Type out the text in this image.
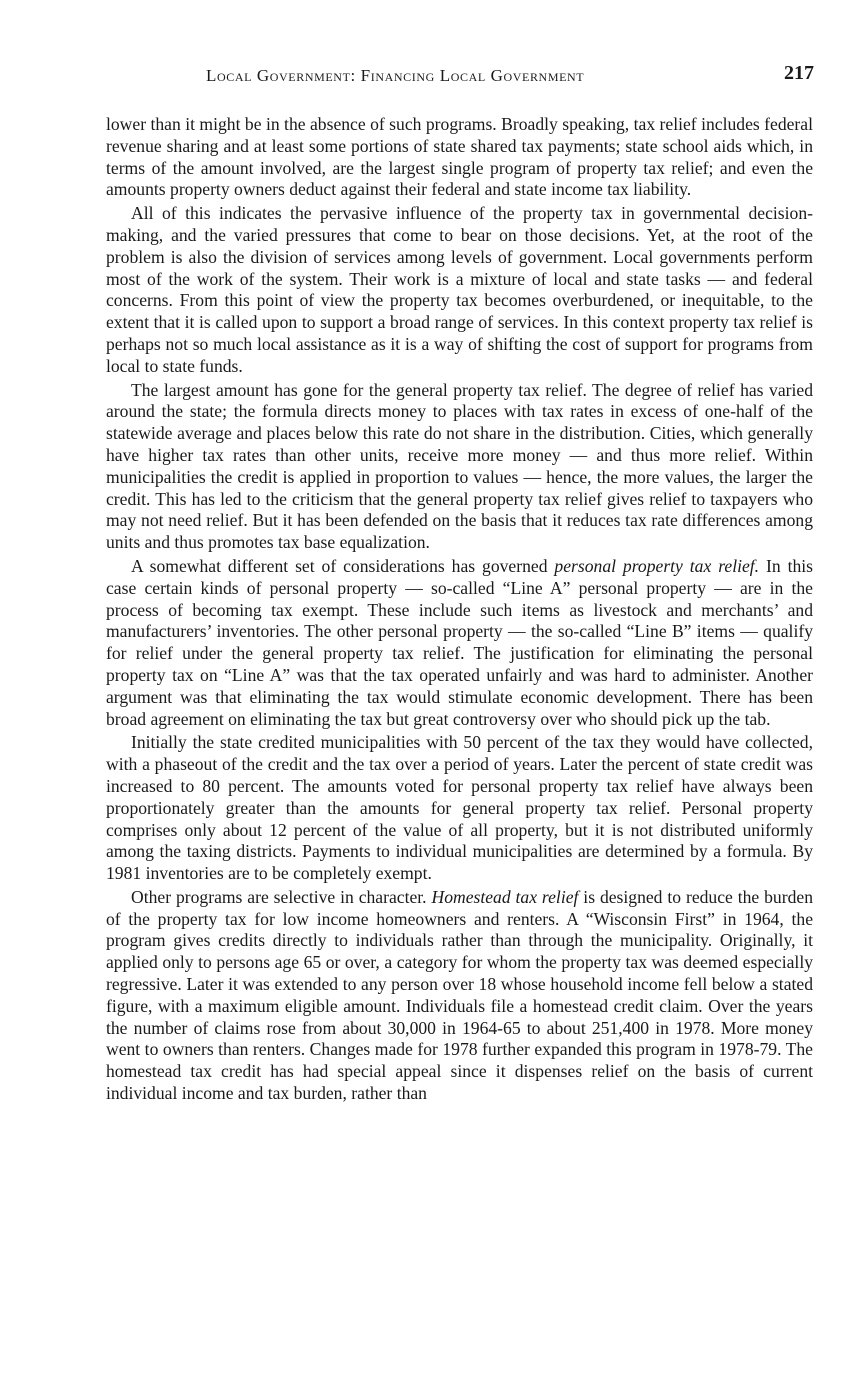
Local Government: Financing Local Government	217

lower than it might be in the absence of such programs. Broadly speaking, tax relief includes federal revenue sharing and at least some portions of state shared tax payments; state school aids which, in terms of the amount involved, are the largest single program of property tax relief; and even the amounts property owners deduct against their federal and state income tax liability.

All of this indicates the pervasive influence of the property tax in governmental decision-making, and the varied pressures that come to bear on those decisions. Yet, at the root of the problem is also the division of services among levels of government. Local governments perform most of the work of the system. Their work is a mixture of local and state tasks — and federal concerns. From this point of view the property tax becomes overburdened, or inequitable, to the extent that it is called upon to support a broad range of services. In this context property tax relief is perhaps not so much local assistance as it is a way of shifting the cost of support for programs from local to state funds.

The largest amount has gone for the general property tax relief. The degree of relief has varied around the state; the formula directs money to places with tax rates in excess of one-half of the statewide average and places below this rate do not share in the distribution. Cities, which generally have higher tax rates than other units, receive more money — and thus more relief. Within municipalities the credit is applied in proportion to values — hence, the more values, the larger the credit. This has led to the criticism that the general property tax relief gives relief to taxpayers who may not need relief. But it has been defended on the basis that it reduces tax rate differences among units and thus promotes tax base equalization.

A somewhat different set of considerations has governed personal property tax relief. In this case certain kinds of personal property — so-called “Line A” personal property — are in the process of becoming tax exempt. These include such items as livestock and merchants’ and manufacturers’ inventories. The other personal property — the so-called “Line B” items — qualify for relief under the general property tax relief. The justification for eliminating the personal property tax on “Line A” was that the tax operated unfairly and was hard to administer. Another argument was that eliminating the tax would stimulate economic development. There has been broad agreement on eliminating the tax but great controversy over who should pick up the tab.

Initially the state credited municipalities with 50 percent of the tax they would have collected, with a phaseout of the credit and the tax over a period of years. Later the percent of state credit was increased to 80 percent. The amounts voted for personal property tax relief have always been proportionately greater than the amounts for general property tax relief. Personal property comprises only about 12 percent of the value of all property, but it is not distributed uniformly among the taxing districts. Payments to individual municipalities are determined by a formula. By 1981 inventories are to be completely exempt.

Other programs are selective in character. Homestead tax relief is designed to reduce the burden of the property tax for low income homeowners and renters. A “Wisconsin First” in 1964, the program gives credits directly to individuals rather than through the municipality. Originally, it applied only to persons age 65 or over, a category for whom the property tax was deemed especially regressive. Later it was extended to any person over 18 whose household income fell below a stated figure, with a maximum eligible amount. Individuals file a homestead credit claim. Over the years the number of claims rose from about 30,000 in 1964-65 to about 251,400 in 1978. More money went to owners than renters. Changes made for 1978 further expanded this program in 1978-79. The homestead tax credit has had special appeal since it dispenses relief on the basis of current individual income and tax burden, rather than
